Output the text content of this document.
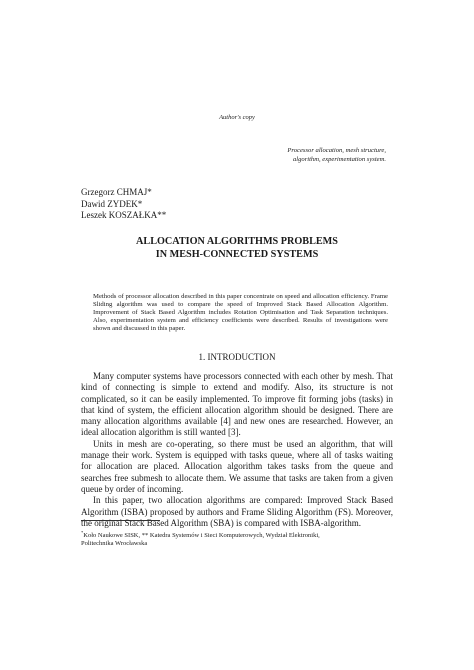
Author's copy
Processor allocation, mesh structure,
algorithm, experimentation system.
Grzegorz CHMAJ*
Dawid ZYDEK*
Leszek KOSZAŁKA**
ALLOCATION ALGORITHMS PROBLEMS
IN MESH-CONNECTED SYSTEMS
Methods of processor allocation described in this paper concentrate on speed and allocation efficiency. Frame Sliding algorithm was used to compare the speed of Improved Stack Based Allocation Algorithm. Improvement of Stack Based Algorithm includes Rotation Optimisation and Task Separation techniques. Also, experimentation system and efficiency coefficients were described. Results of investigations were shown and discussed in this paper.
1. INTRODUCTION

Many computer systems have processors connected with each other by mesh. That kind of connecting is simple to extend and modify. Also, its structure is not complicated, so it can be easily implemented. To improve fit forming jobs (tasks) in that kind of system, the efficient allocation algorithm should be designed. There are many allocation algorithms available [4] and new ones are researched. However, an ideal allocation algorithm is still wanted [3].

Units in mesh are co-operating, so there must be used an algorithm, that will manage their work. System is equipped with tasks queue, where all of tasks waiting for allocation are placed. Allocation algorithm takes tasks from the queue and searches free submesh to allocate them. We assume that tasks are taken from a given queue by order of incoming.

In this paper, two allocation algorithms are compared: Improved Stack Based Algorithm (ISBA) proposed by authors and Frame Sliding Algorithm (FS). Moreover, the original Stack Based Algorithm (SBA) is compared with ISBA-algorithm.

*Koło Naukowe SISK, ** Katedra Systemów i Sieci Komputerowych, Wydział Elektroniki,
Politechnika Wrocławska
